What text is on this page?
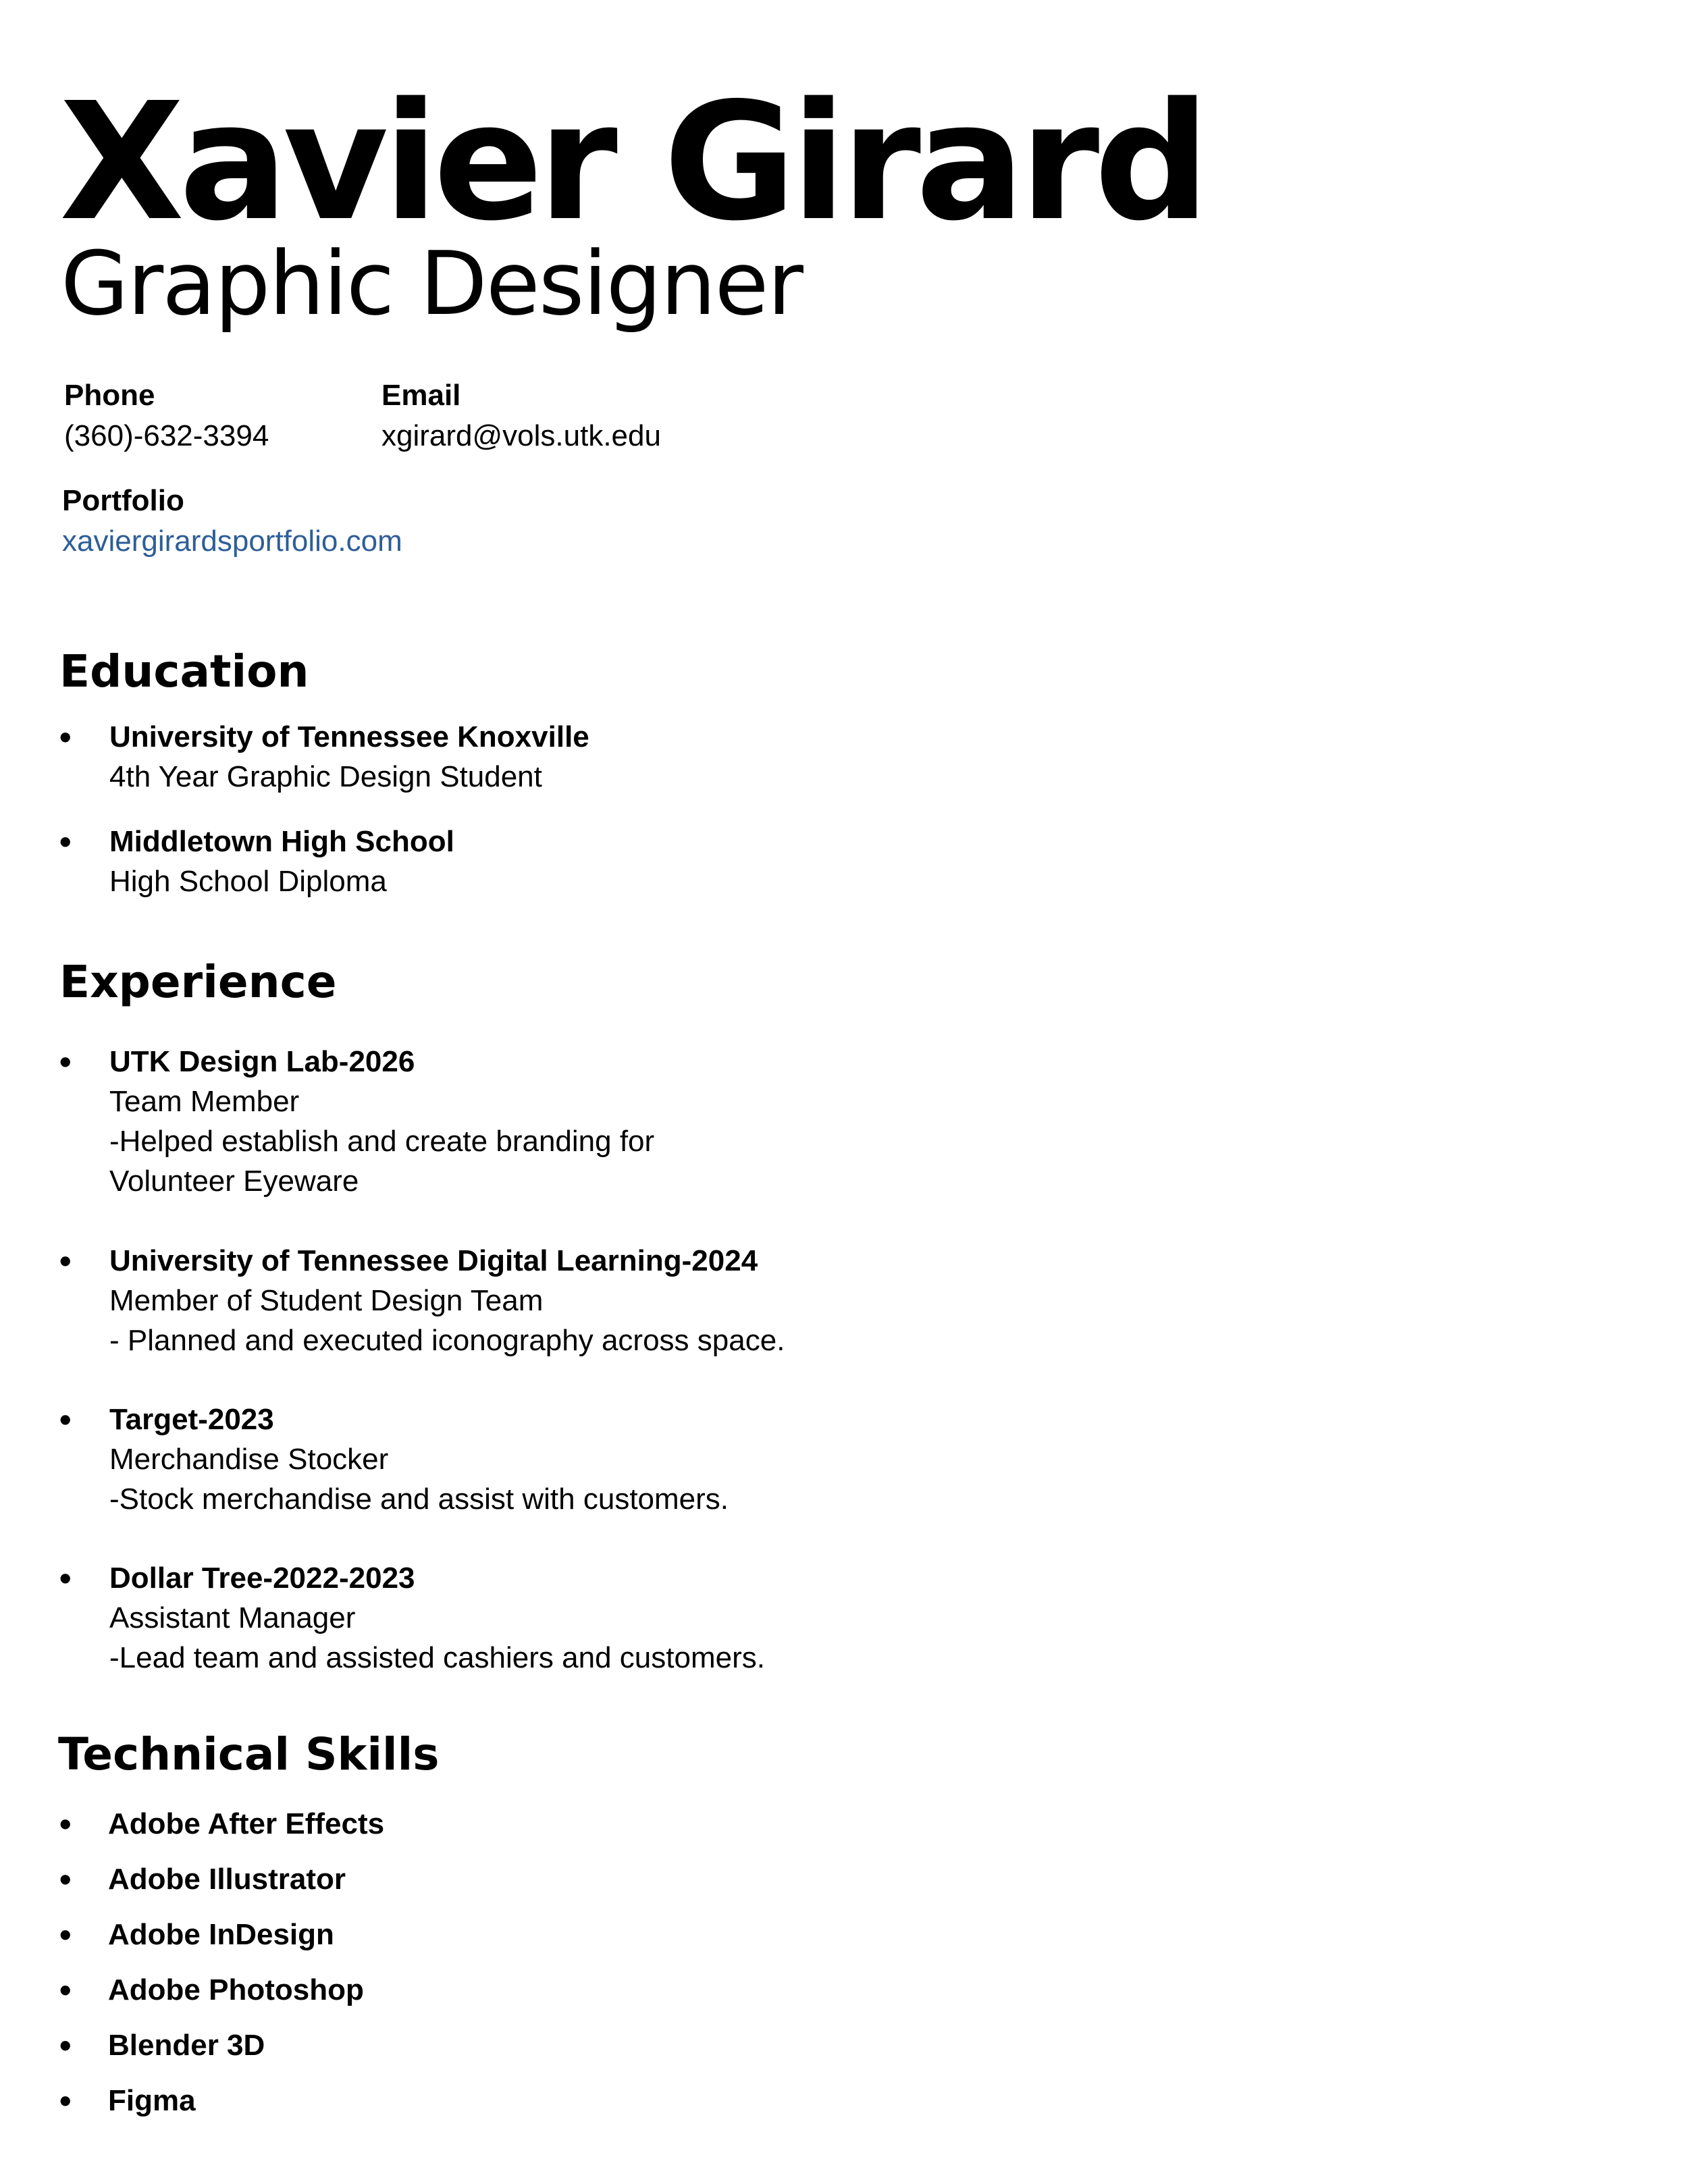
Xavier Girard
Graphic Designer
Phone
(360)-632-3394
Email
xgirard@vols.utk.edu
Portfolio
xaviergirardsportfolio.com
Education
• University of Tennessee Knoxville
4th Year Graphic Design Student
• Middletown High School
High School Diploma
Experience
• UTK Design Lab-2026
Team Member
-Helped establish and create branding for
Volunteer Eyeware
• University of Tennessee Digital Learning-2024
Member of Student Design Team
- Planned and executed iconography across space.
• Target-2023
Merchandise Stocker
-Stock merchandise and assist with customers.
• Dollar Tree-2022-2023
Assistant Manager
-Lead team and assisted cashiers and customers.
Technical Skills
• Adobe After Effects
• Adobe Illustrator
• Adobe InDesign
• Adobe Photoshop
• Blender 3D
• Figma
